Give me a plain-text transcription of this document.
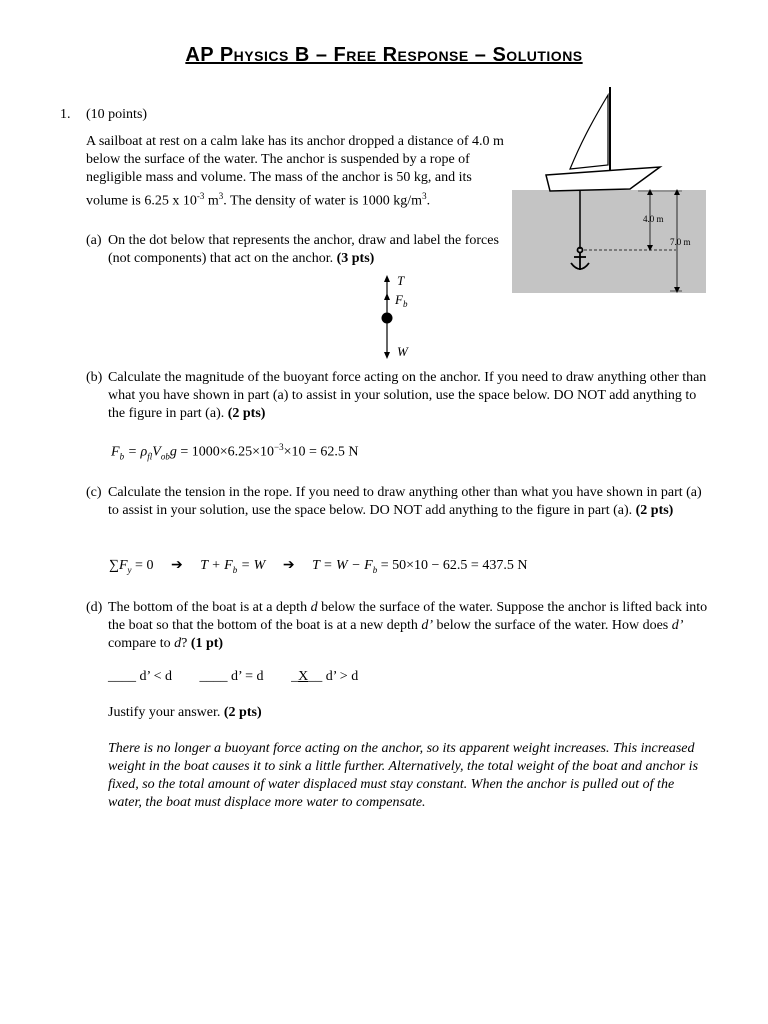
AP Physics B – Free Response – Solutions
1. (10 points)
A sailboat at rest on a calm lake has its anchor dropped a distance of 4.0 m below the surface of the water. The anchor is suspended by a rope of negligible mass and volume. The mass of the anchor is 50 kg, and its volume is 6.25 x $10^{-3}$ $m^3$. The density of water is 1000 $kg/m^3$.
4.0 m
7.0 m
(a) On the dot below that represents the anchor, draw and label the forces (not components) that act on the anchor. (3 pts)
T
$F_b$
W
(b) Calculate the magnitude of the buoyant force acting on the anchor. If you need to draw anything other than what you have shown in part (a) to assist in your solution, use the space below. DO NOT add anything to the figure in part (a). (2 pts)
$F_b = \rho_{fl}V_{ob}g = 1000\times 6.25\times 10^{-3}\times 10 = 62.5$ N
(c) Calculate the tension in the rope. If you need to draw anything other than what you have shown in part (a) to assist in your solution, use the space below. DO NOT add anything to the figure in part (a). (2 pts)
$\sum F_y = 0$ ➔ $T + F_b = W$ ➔ $T = W - F_b = 50\times 10 - 62.5 = 437.5$ N
(d) The bottom of the boat is at a depth d below the surface of the water. Suppose the anchor is lifted back into the boat so that the bottom of the boat is at a new depth d’ below the surface of the water. How does d’ compare to d? (1 pt)
____ d’ < d ____ d’ = d _X__ d’ > d
Justify your answer. (2 pts)
There is no longer a buoyant force acting on the anchor, so its apparent weight increases. This increased weight in the boat causes it to sink a little further. Alternatively, the total weight of the boat and anchor is fixed, so the total amount of water displaced must stay constant. When the anchor is pulled out of the water, the boat must displace more water to compensate.
